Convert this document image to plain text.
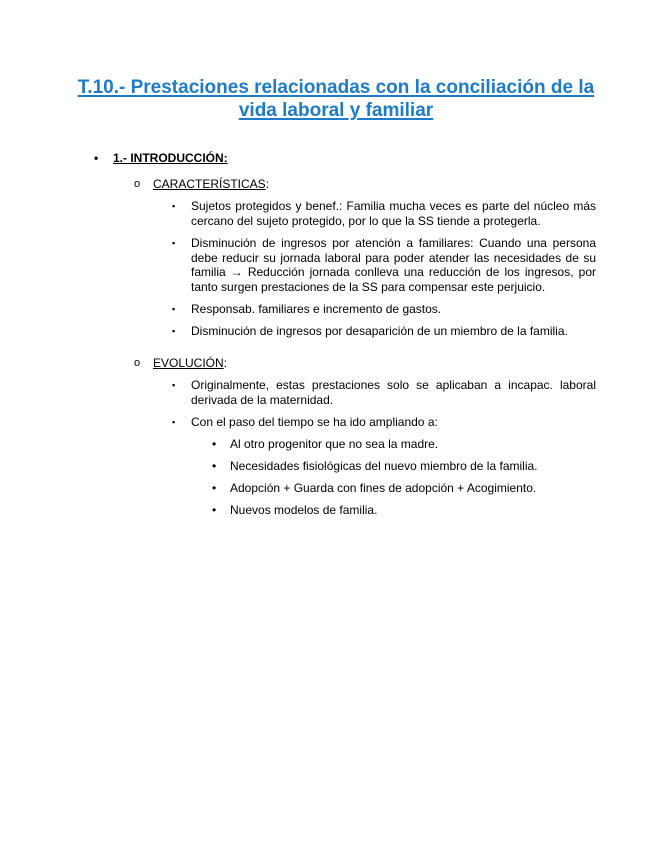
T.10.- Prestaciones relacionadas con la conciliación de la vida laboral y familiar
• 1.- INTRODUCCIÓN:
o CARACTERÍSTICAS:
▪ Sujetos protegidos y benef.: Familia mucha veces es parte del núcleo más cercano del sujeto protegido, por lo que la SS tiende a protegerla.
▪ Disminución de ingresos por atención a familiares: Cuando una persona debe reducir su jornada laboral para poder atender las necesidades de su familia → Reducción jornada conlleva una reducción de los ingresos, por tanto surgen prestaciones de la SS para compensar este perjuicio.
▪ Responsab. familiares e incremento de gastos.
▪ Disminución de ingresos por desaparición de un miembro de la familia.
o EVOLUCIÓN:
▪ Originalmente, estas prestaciones solo se aplicaban a incapac. laboral derivada de la maternidad.
▪ Con el paso del tiempo se ha ido ampliando a:
• Al otro progenitor que no sea la madre.
• Necesidades fisiológicas del nuevo miembro de la familia.
• Adopción + Guarda con fines de adopción + Acogimiento.
• Nuevos modelos de familia.
